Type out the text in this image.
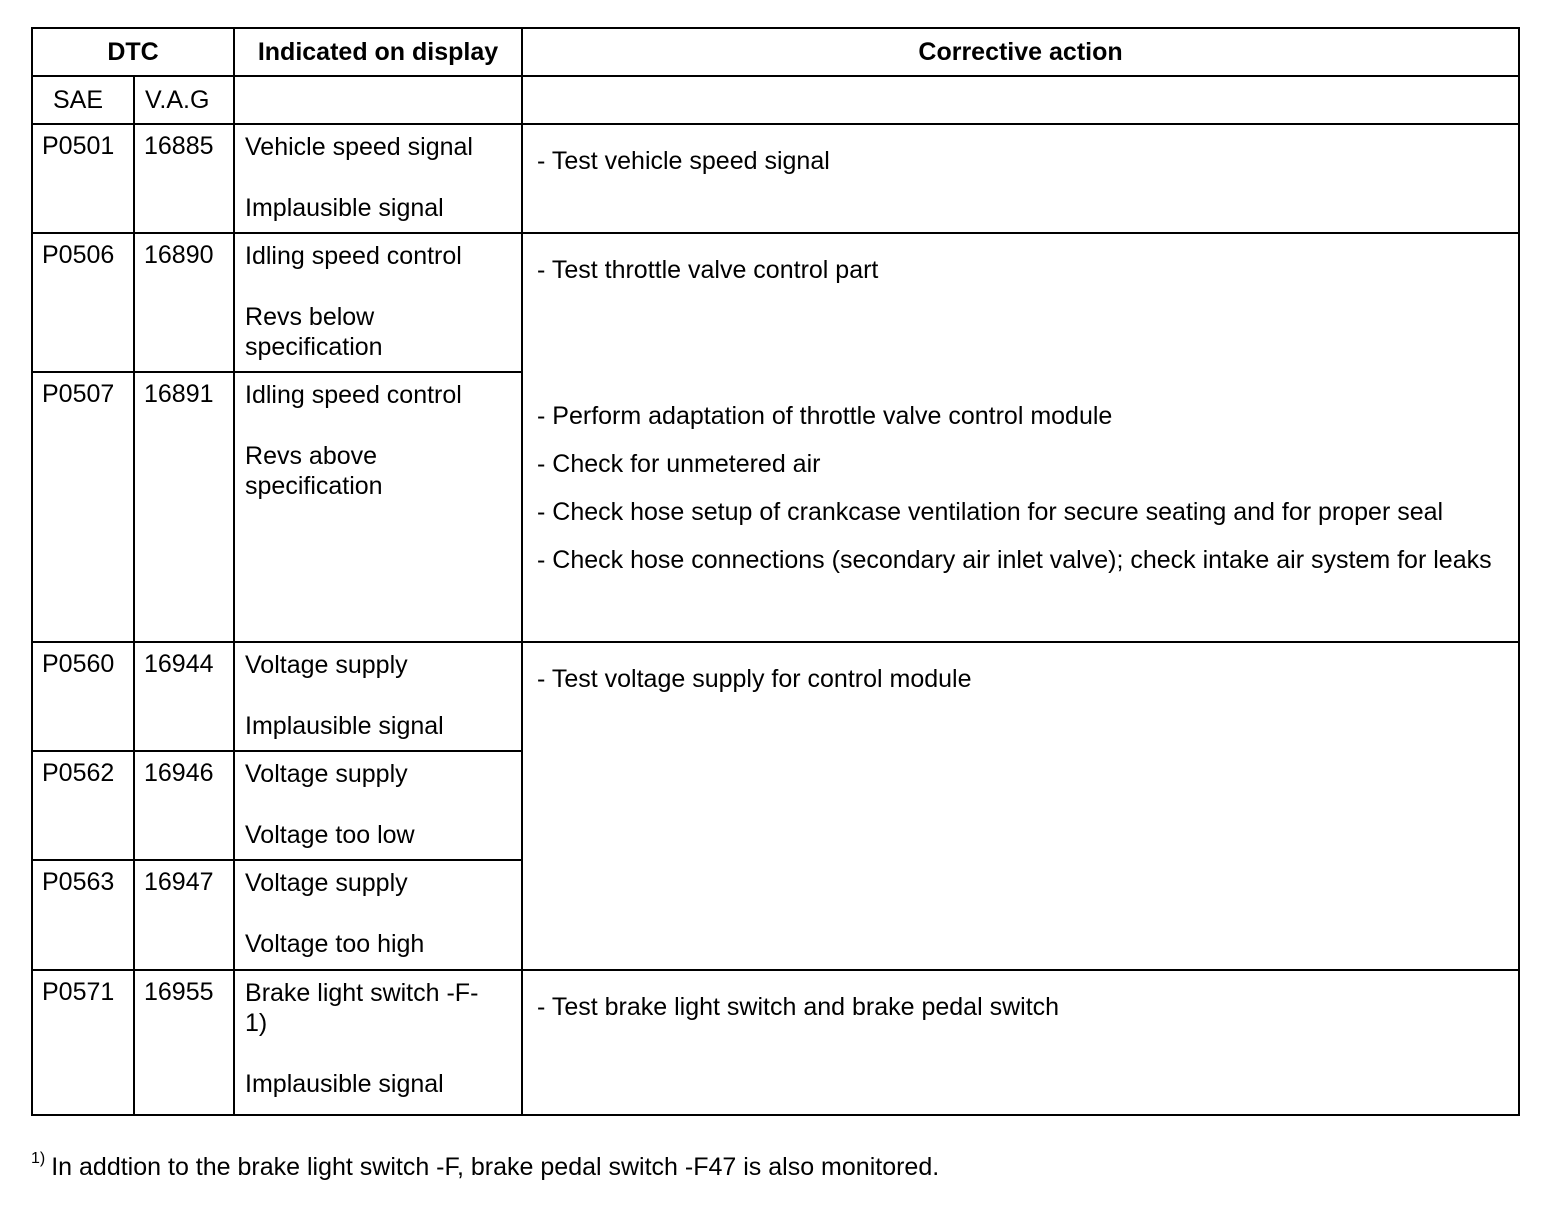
DTC		Indicated on display	Corrective action
SAE	V.A.G		
P0501	16885	Vehicle speed signal
Implausible signal	- Test vehicle speed signal

P0506	16890	Idling speed control
Revs below specification	- Test throttle valve control part
- Perform adaptation of throttle valve control module
- Check for unmetered air
- Check hose setup of crankcase ventilation for secure seating and for proper seal
- Check hose connections (secondary air inlet valve); check intake air system for leaks

P0507	16891	Idling speed control
Revs above specification	

P0560	16944	Voltage supply
Implausible signal	- Test voltage supply for control module

P0562	16946	Voltage supply
Voltage too low	

P0563	16947	Voltage supply
Voltage too high	

P0571	16955	Brake light switch -F- 1)
Implausible signal	- Test brake light switch and brake pedal switch
$^{1)}$ In addtion to the brake light switch -F, brake pedal switch -F47 is also monitored.
